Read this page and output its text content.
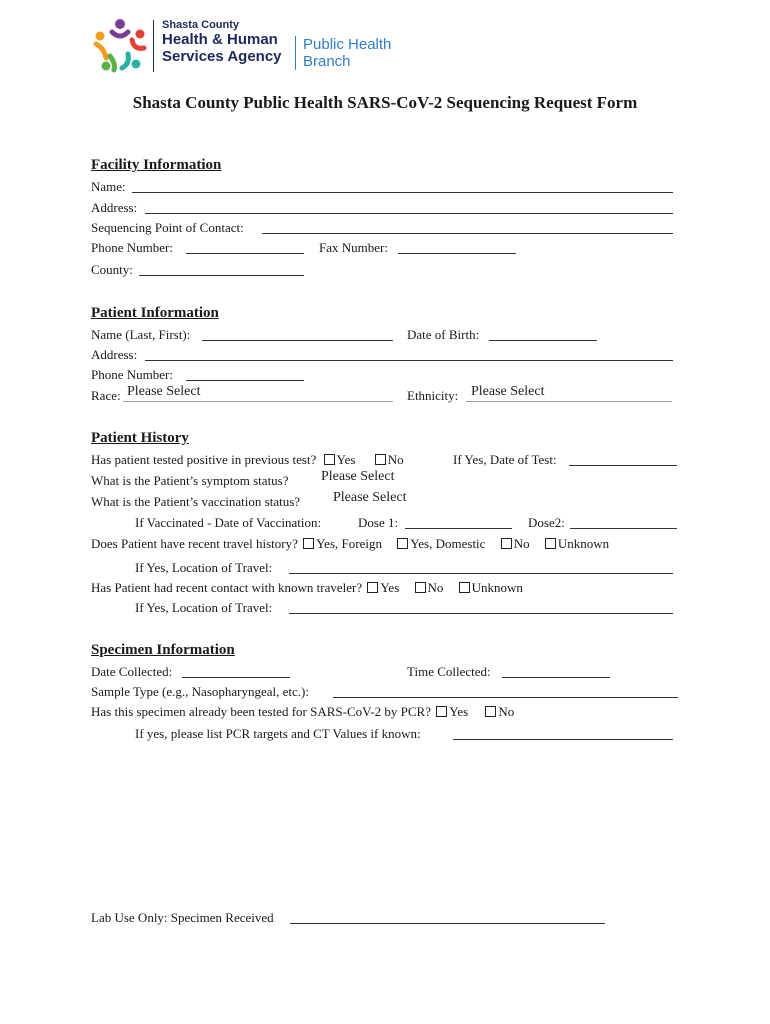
Shasta County
Health & Human
Services Agency
Public Health
Branch
Shasta County Public Health SARS-CoV-2 Sequencing Request Form
Facility Information
Name:
Address:
Sequencing Point of Contact:
Phone Number:	Fax Number:
County:
Patient Information
Name (Last, First):	Date of Birth:
Address:
Phone Number:
Race: Please Select	Ethnicity: Please Select
Patient History
Has patient tested positive in previous test? Yes No	If Yes, Date of Test:
What is the Patient’s symptom status? Please Select
What is the Patient’s vaccination status? Please Select
If Vaccinated - Date of Vaccination:	Dose 1:	Dose2:
Does Patient have recent travel history? Yes, Foreign Yes, Domestic No Unknown
If Yes, Location of Travel:
Has Patient had recent contact with known traveler? Yes No Unknown
If Yes, Location of Travel:
Specimen Information
Date Collected:	Time Collected:
Sample Type (e.g., Nasopharyngeal, etc.):
Has this specimen already been tested for SARS-CoV-2 by PCR? Yes No
If yes, please list PCR targets and CT Values if known:
Lab Use Only: Specimen Received
